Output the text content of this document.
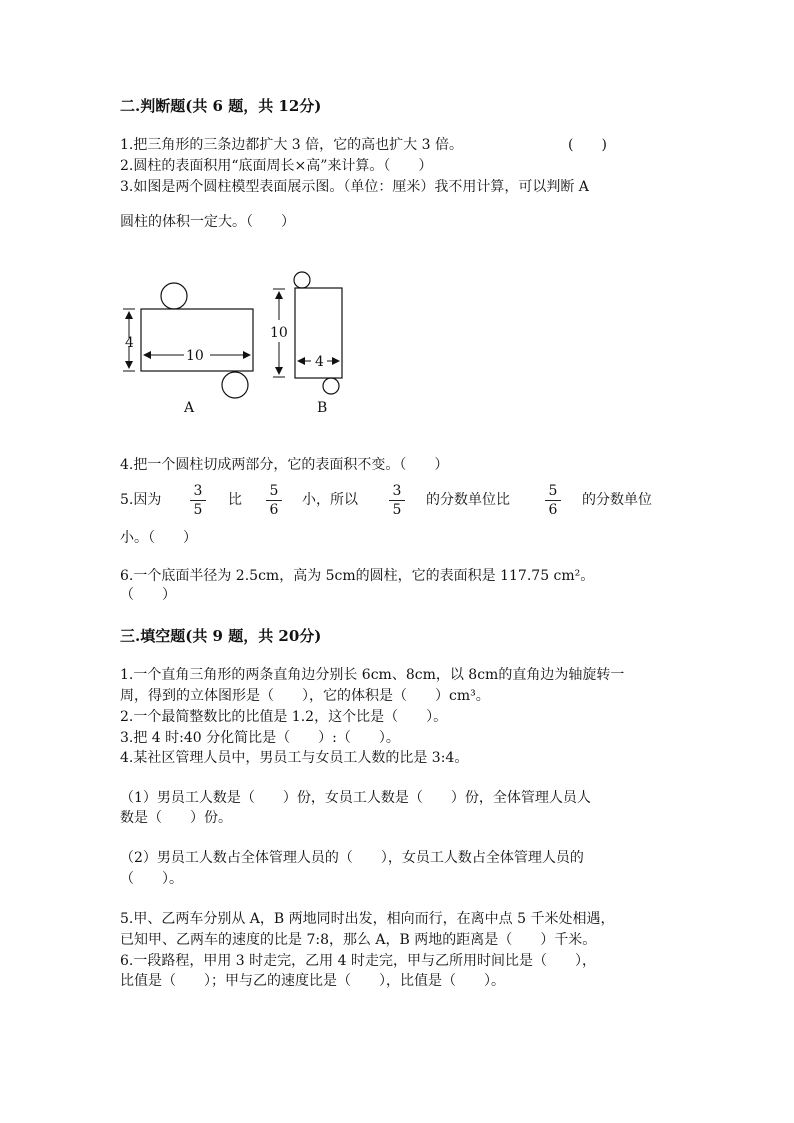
二.判断题(共 6 题，共 12分)
1.把三角形的三条边都扩大 3 倍，它的高也扩大 3 倍。	(　　)
2.圆柱的表面积用“底面周长×高”来计算。（　　）
3.如图是两个圆柱模型表面展示图。（单位：厘米）我不用计算，可以判断 A
圆柱的体积一定大。（　　）
4
10
A
10
4
B
4.把一个圆柱切成两部分，它的表面积不变。（　　）
5.因为
3
5
比
5
6
小，所以
3
5
的分数单位比
5
6
的分数单位
小。（　　）
6.一个底面半径为 2.5cm，高为 5cm的圆柱，它的表面积是 117.75 cm²。
（　　）
三.填空题(共 9 题，共 20分)
1.一个直角三角形的两条直角边分别长 6cm、8cm，以 8cm的直角边为轴旋转一
周，得到的立体图形是（　　），它的体积是（　　）cm³。
2.一个最简整数比的比值是 1.2，这个比是（　　）。
3.把 4 时:40 分化简比是（　　）:（　　）。
4.某社区管理人员中，男员工与女员工人数的比是 3:4。
（1）男员工人数是（　　）份，女员工人数是（　　）份，全体管理人员人
数是（　　）份。
（2）男员工人数占全体管理人员的（　　），女员工人数占全体管理人员的
（　　）。
5.甲、乙两车分别从 A，B 两地同时出发，相向而行，在离中点 5 千米处相遇，
已知甲、乙两车的速度的比是 7:8，那么 A，B 两地的距离是（　　）千米。
6.一段路程，甲用 3 时走完，乙用 4 时走完，甲与乙所用时间比是（　　），
比值是（　　）；甲与乙的速度比是（　　），比值是（　　）。
